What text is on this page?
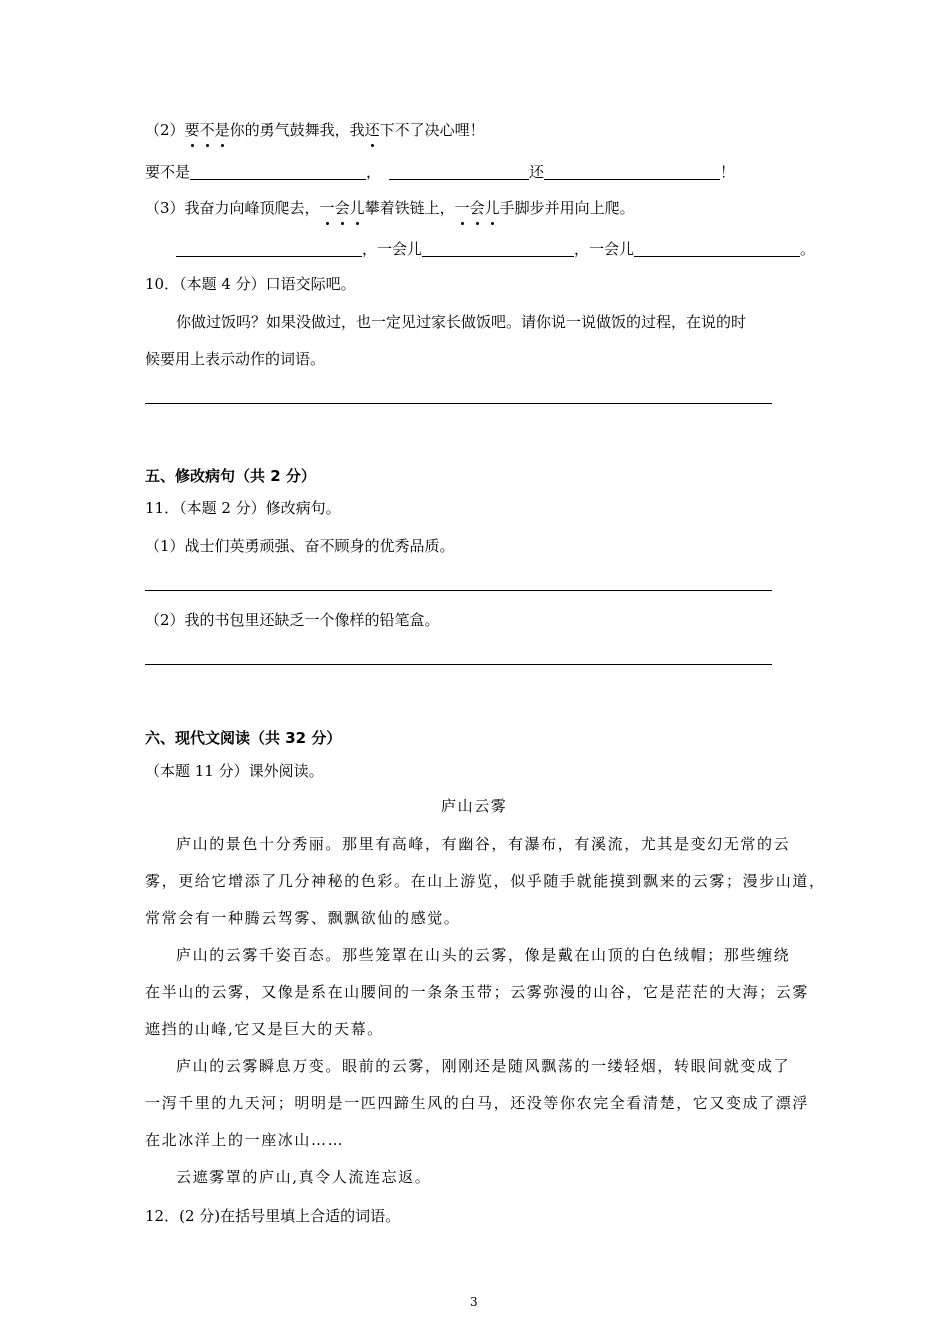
（2）要不是你的勇气鼓舞我，我还下不了决心哩！
要不是	，	还	！
（3）我奋力向峰顶爬去，一会儿攀着铁链上，一会儿手脚步并用向上爬。
，一会儿	，一会儿	。
10．（本题 4 分）口语交际吧。
你做过饭吗？如果没做过，也一定见过家长做饭吧。请你说一说做饭的过程，在说的时
候要用上表示动作的词语。
五、修改病句（共 2 分）
11．（本题 2 分）修改病句。
（1）战士们英勇顽强、奋不顾身的优秀品质。
（2）我的书包里还缺乏一个像样的铅笔盒。
六、现代文阅读（共 32 分）
（本题 11 分）课外阅读。
庐山云雾
庐山的景色十分秀丽。那里有高峰，有幽谷，有瀑布，有溪流，尤其是变幻无常的云
雾，更给它增添了几分神秘的色彩。在山上游览，似乎随手就能摸到飘来的云雾；漫步山道，
常常会有一种腾云驾雾、飘飘欲仙的感觉。
庐山的云雾千姿百态。那些笼罩在山头的云雾，像是戴在山顶的白色绒帽；那些缠绕
在半山的云雾，又像是系在山腰间的一条条玉带；云雾弥漫的山谷，它是茫茫的大海；云雾
遮挡的山峰,它又是巨大的天幕。
庐山的云雾瞬息万变。眼前的云雾，刚刚还是随风飘荡的一缕轻烟，转眼间就变成了
一泻千里的九天河；明明是一匹四蹄生风的白马，还没等你农完全看清楚，它又变成了漂浮
在北冰洋上的一座冰山……
云遮雾罩的庐山,真令人流连忘返。
12．(2 分)在括号里填上合适的词语。
3
